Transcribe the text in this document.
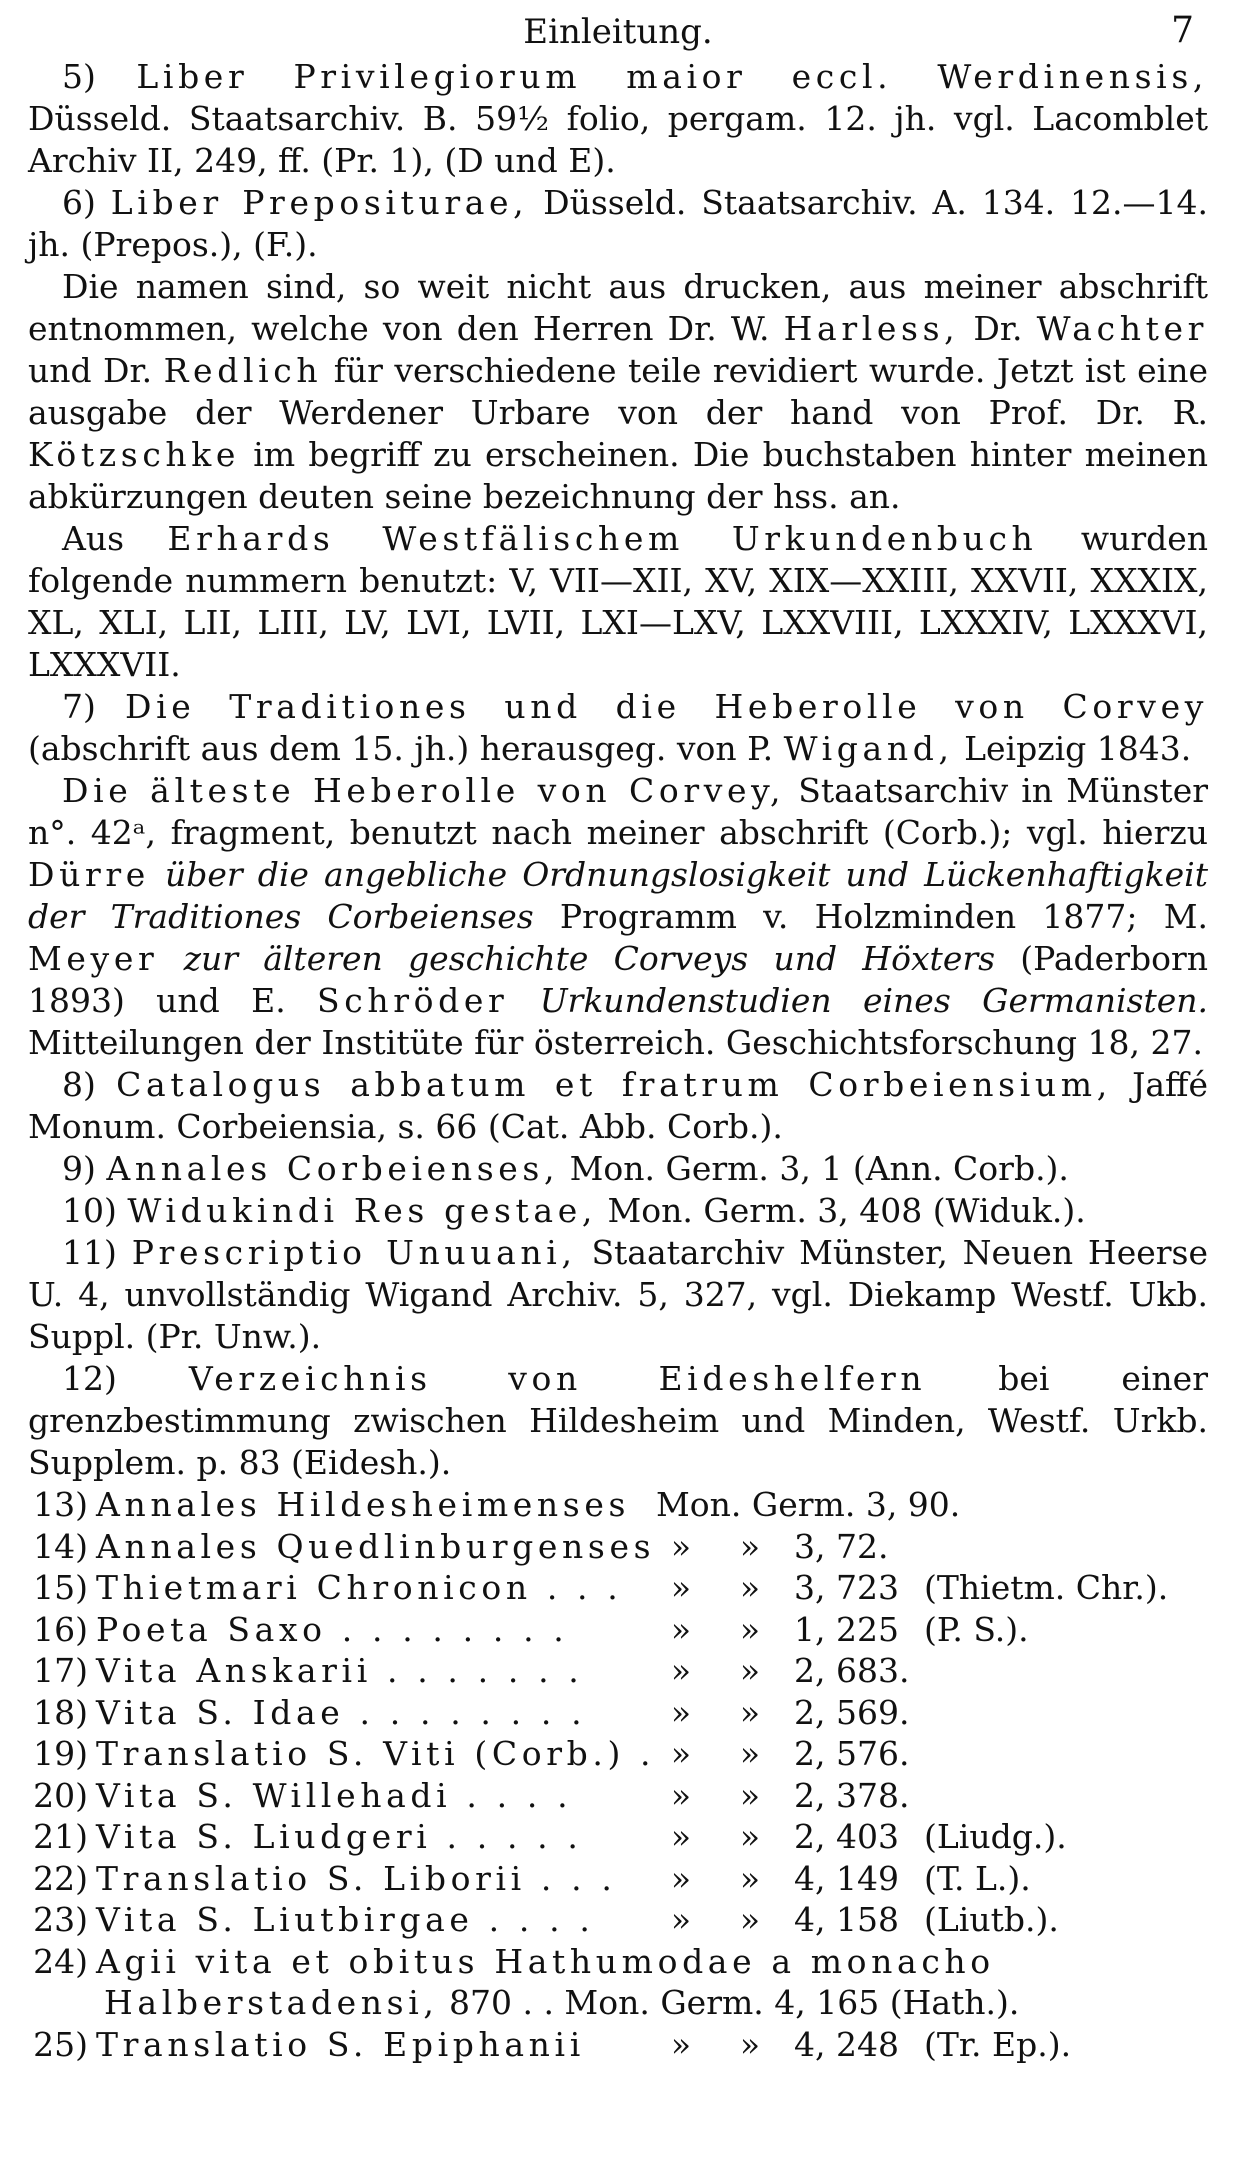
Einleitung.	7

5) Liber Privilegiorum maior eccl. Werdinensis, Düsseld. Staatsarchiv. B. 59½ folio, pergam. 12. jh. vgl. Lacomblet Archiv II, 249, ff. (Pr. 1), (D und E).

6) Liber Prepositurae, Düsseld. Staatsarchiv. A. 134. 12.—14. jh. (Prepos.), (F.).

Die namen sind, so weit nicht aus drucken, aus meiner abschrift entnommen, welche von den Herren Dr. W. Harless, Dr. Wachter und Dr. Redlich für verschiedene teile revidiert wurde. Jetzt ist eine ausgabe der Werdener Urbare von der hand von Prof. Dr. R. Kötzschke im begriff zu erscheinen. Die buchstaben hinter meinen abkürzungen deuten seine bezeichnung der hss. an.

Aus Erhards Westfälischem Urkundenbuch wurden folgende nummern benutzt: V, VII—XII, XV, XIX—XXIII, XXVII, XXXIX, XL, XLI, LII, LIII, LV, LVI, LVII, LXI—LXV, LXXVIII, LXXXIV, LXXXVI, LXXXVII.

7) Die Traditiones und die Heberolle von Corvey (abschrift aus dem 15. jh.) herausgeg. von P. Wigand, Leipzig 1843.

Die älteste Heberolle von Corvey, Staatsarchiv in Münster n°. 42ᵃ, fragment, benutzt nach meiner abschrift (Corb.); vgl. hierzu Dürre über die angebliche Ordnungslosigkeit und Lückenhaftigkeit der Traditiones Corbeienses Programm v. Holzminden 1877; M. Meyer zur älteren geschichte Corveys und Höxters (Paderborn 1893) und E. Schröder Urkundenstudien eines Germanisten. Mitteilungen der Institüte für österreich. Geschichtsforschung 18, 27.

8) Catalogus abbatum et fratrum Corbeiensium, Jaffé Monum. Corbeiensia, s. 66 (Cat. Abb. Corb.).

9) Annales Corbeienses, Mon. Germ. 3, 1 (Ann. Corb.).

10) Widukindi Res gestae, Mon. Germ. 3, 408 (Widuk.).

11) Prescriptio Unuuani, Staatarchiv Münster, Neuen Heerse U. 4, unvollständig Wigand Archiv. 5, 327, vgl. Diekamp Westf. Ukb. Suppl. (Pr. Unw.).

12) Verzeichnis von Eideshelfern bei einer grenzbestimmung zwischen Hildesheim und Minden, Westf. Urkb. Supplem. p. 83 (Eidesh.).

13) Annales Hildesheimenses Mon. Germ. 3, 90.
14) Annales Quedlinburgenses »	»	3, 72.
15) Thietmari Chronicon . . .	»	»	3, 723 (Thietm. Chr.).
16) Poeta Saxo . . . . . . . .	»	»	1, 225 (P. S.).
17) Vita Anskarii . . . . . . .	»	»	2, 683.
18) Vita S. Idae . . . . . . . .	»	»	2, 569.
19) Translatio S. Viti (Corb.) . »	»	2, 576.
20) Vita S. Willehadi . . . .	»	»	2, 378.
21) Vita S. Liudgeri . . . . .	»	»	2, 403 (Liudg.).
22) Translatio S. Liborii . . .	»	»	4, 149 (T. L.).
23) Vita S. Liutbirgae . . . .	»	»	4, 158 (Liutb.).
24) Agii vita et obitus Hathumodae a monacho
Halberstadensi, 870 . . Mon. Germ. 4, 165 (Hath.).
25) Translatio S. Epiphanii	»	»	4, 248 (Tr. Ep.).
